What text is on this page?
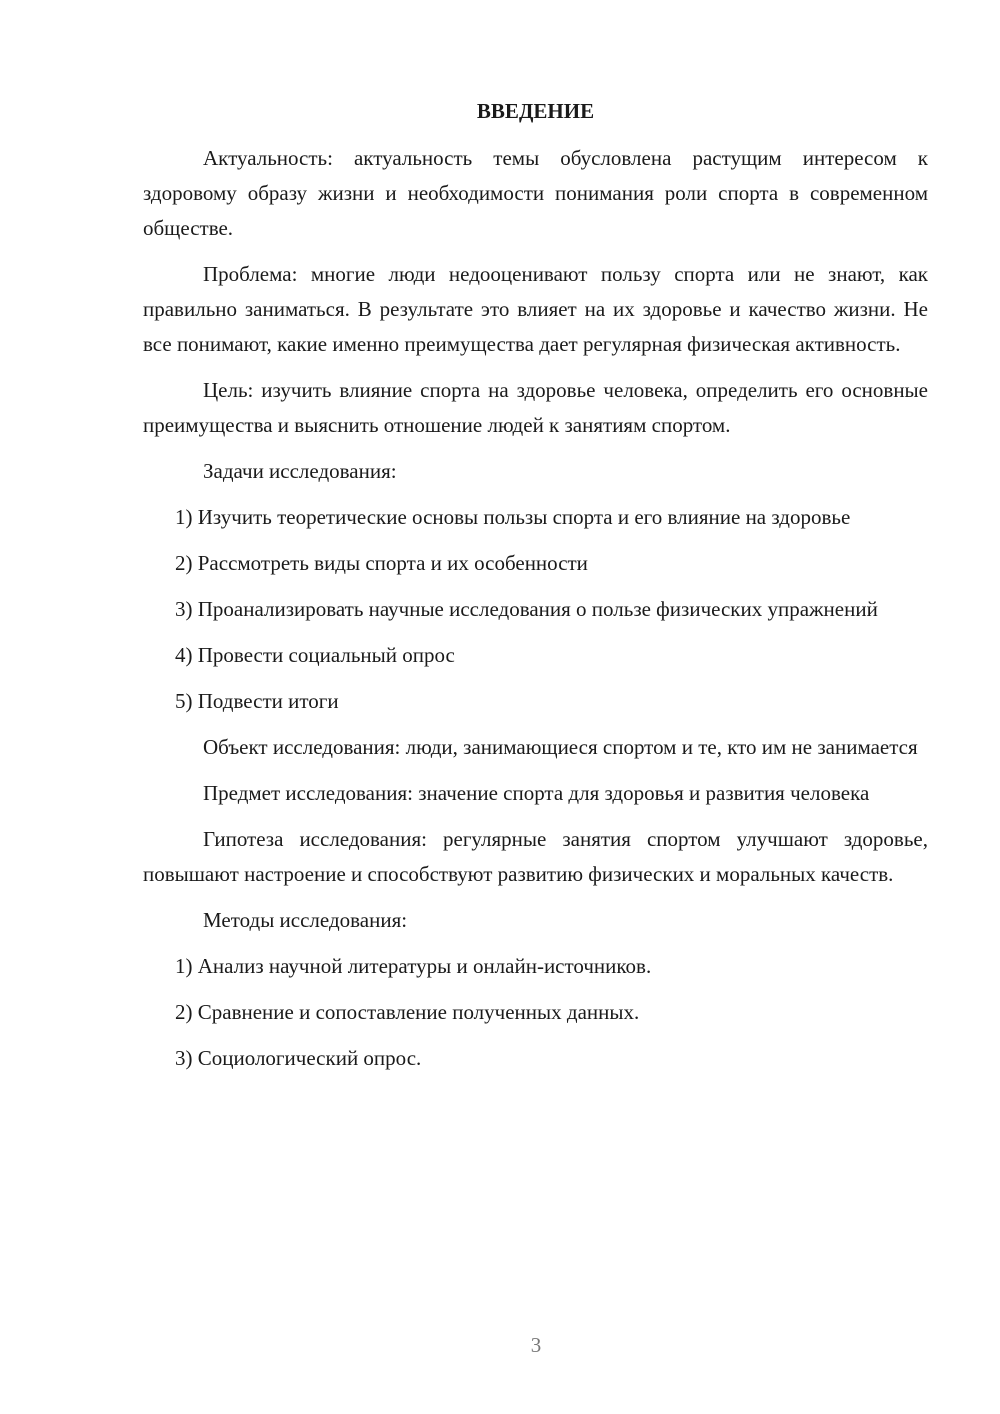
ВВЕДЕНИЕ

Актуальность: актуальность темы обусловлена растущим интересом к здоровому образу жизни и необходимости понимания роли спорта в современном обществе.

Проблема: многие люди недооценивают пользу спорта или не знают, как правильно заниматься. В результате это влияет на их здоровье и качество жизни. Не все понимают, какие именно преимущества дает регулярная физическая активность.

Цель: изучить влияние спорта на здоровье человека, определить его основные преимущества и выяснить отношение людей к занятиям спортом.

Задачи исследования:

1) Изучить теоретические основы пользы спорта и его влияние на здоровье

2) Рассмотреть виды спорта и их особенности

3) Проанализировать научные исследования о пользе физических упражнений

4) Провести социальный опрос

5) Подвести итоги

Объект исследования: люди, занимающиеся спортом и те, кто им не занимается

Предмет исследования: значение спорта для здоровья и развития человека

Гипотеза исследования: регулярные занятия спортом улучшают здоровье, повышают настроение и способствуют развитию физических и моральных качеств.

Методы исследования:

1) Анализ научной литературы и онлайн-источников.

2) Сравнение и сопоставление полученных данных.

3) Социологический опрос.

3
